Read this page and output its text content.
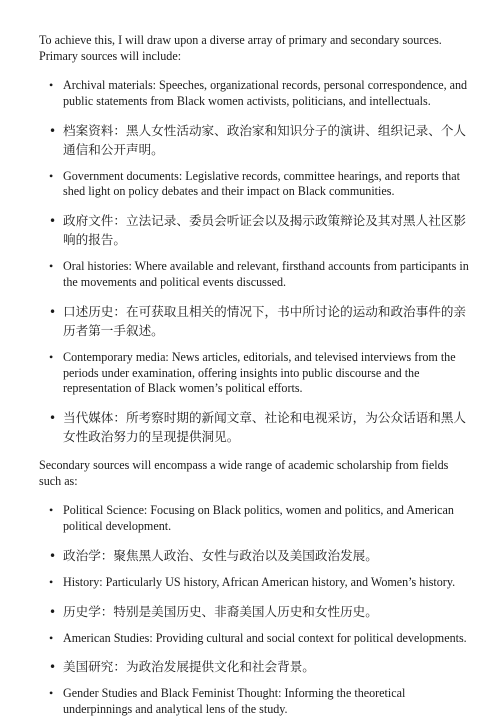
To achieve this, I will draw upon a diverse array of primary and secondary sources. Primary sources will include:

• Archival materials: Speeches, organizational records, personal correspondence, and public statements from Black women activists, politicians, and intellectuals.
• 档案资料：黑人女性活动家、政治家和知识分子的演讲、组织记录、个人通信和公开声明。
• Government documents: Legislative records, committee hearings, and reports that shed light on policy debates and their impact on Black communities.
• 政府文件：立法记录、委员会听证会以及揭示政策辩论及其对黑人社区影响的报告。
• Oral histories: Where available and relevant, firsthand accounts from participants in the movements and political events discussed.
• 口述历史：在可获取且相关的情况下，书中所讨论的运动和政治事件的亲历者第一手叙述。
• Contemporary media: News articles, editorials, and televised interviews from the periods under examination, offering insights into public discourse and the representation of Black women’s political efforts.
• 当代媒体：所考察时期的新闻文章、社论和电视采访，为公众话语和黑人女性政治努力的呈现提供洞见。

Secondary sources will encompass a wide range of academic scholarship from fields such as:

• Political Science: Focusing on Black politics, women and politics, and American political development.
• 政治学：聚焦黑人政治、女性与政治以及美国政治发展。
• History: Particularly US history, African American history, and Women’s history.
• 历史学：特别是美国历史、非裔美国人历史和女性历史。
• American Studies: Providing cultural and social context for political developments.
• 美国研究：为政治发展提供文化和社会背景。
• Gender Studies and Black Feminist Thought: Informing the theoretical underpinnings and analytical lens of the study.
